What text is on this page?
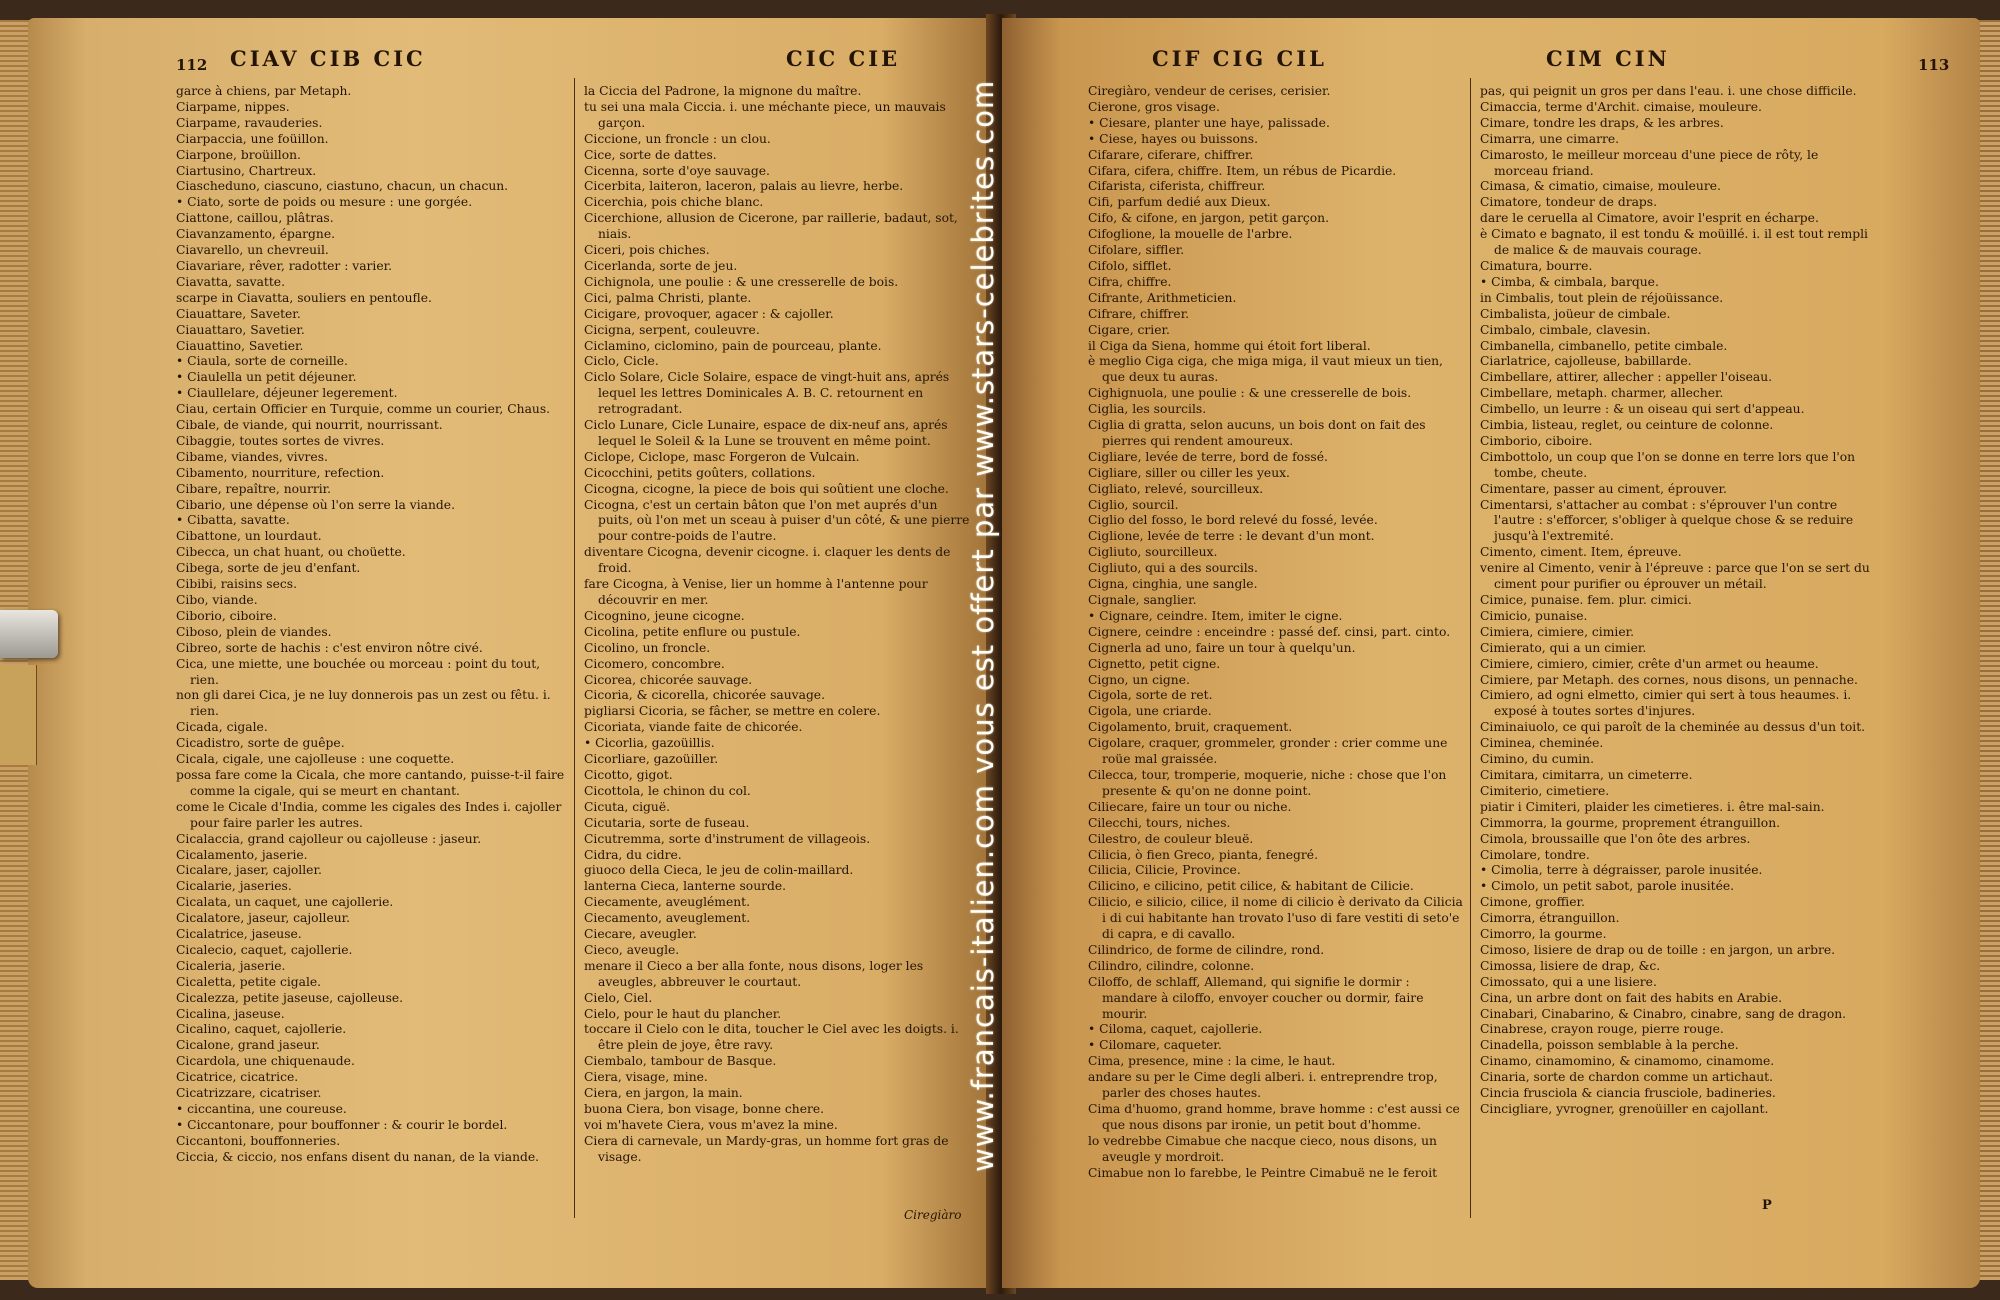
112 CIAV CIB CIC	CIC CIE

garce à chiens, par Metaph.

Ciarpame, nippes.

Ciarpame, ravauderies.

Ciarpaccia, une foüillon.

Ciarpone, broüillon.

Ciartusino, Chartreux.

Ciascheduno, ciascuno, ciastuno, chacun, un chacun.

• Ciato, sorte de poids ou mesure : une gorgée.

Ciattone, caillou, plâtras.

Ciavanzamento, épargne.

Ciavarello, un chevreuil.

Ciavariare, rêver, radotter : varier.

Ciavatta, savatte.

scarpe in Ciavatta, souliers en pentoufle.

Ciauattare, Saveter.

Ciauattaro, Savetier.

Ciauattino, Savetier.

• Ciaula, sorte de corneille.

• Ciaulella un petit déjeuner.

• Ciaullelare, déjeuner legerement.

Ciau, certain Officier en Turquie, comme un courier, Chaus.

Cibale, de viande, qui nourrit, nourrissant.

Cibaggie, toutes sortes de vivres.

Cibame, viandes, vivres.

Cibamento, nourriture, refection.

Cibare, repaître, nourrir.

Cibario, une dépense où l'on serre la viande.

• Cibatta, savatte.

Cibattone, un lourdaut.

Cibecca, un chat huant, ou choüette.

Cibega, sorte de jeu d'enfant.

Cibibi, raisins secs.

Cibo, viande.

Ciborio, ciboire.

Ciboso, plein de viandes.

Cibreo, sorte de hachis : c'est environ nôtre civé.

Cica, une miette, une bouchée ou morceau : point du tout, rien.

non gli darei Cica, je ne luy donnerois pas un zest ou fêtu. i. rien.

Cicada, cigale.

Cicadistro, sorte de guêpe.

Cicala, cigale, une cajolleuse : une coquette.

possa fare come la Cicala, che more cantando, puisse-t-il faire comme la cigale, qui se meurt en chantant.

come le Cicale d'India, comme les cigales des Indes i. cajoller pour faire parler les autres.

Cicalaccia, grand cajolleur ou cajolleuse : jaseur.

Cicalamento, jaserie.

Cicalare, jaser, cajoller.

Cicalarie, jaseries.

Cicalata, un caquet, une cajollerie.

Cicalatore, jaseur, cajolleur.

Cicalatrice, jaseuse.

Cicalecio, caquet, cajollerie.

Cicaleria, jaserie.

Cicaletta, petite cigale.

Cicalezza, petite jaseuse, cajolleuse.

Cicalina, jaseuse.

Cicalino, caquet, cajollerie.

Cicalone, grand jaseur.

Cicardola, une chiquenaude.

Cicatrice, cicatrice.

Cicatrizzare, cicatriser.

• ciccantina, une coureuse.

• Ciccantonare, pour bouffonner : & courir le bordel.

Ciccantoni, bouffonneries.

Ciccia, & ciccio, nos enfans disent du nanan, de la viande.

la Ciccia del Padrone, la mignone du maître.

tu sei una mala Ciccia. i. une méchante piece, un mauvais garçon.

Ciccione, un froncle : un clou.

Cice, sorte de dattes.

Cicenna, sorte d'oye sauvage.

Cicerbita, laiteron, laceron, palais au lievre, herbe.

Cicerchia, pois chiche blanc.

Cicerchione, allusion de Cicerone, par raillerie, badaut, sot, niais.

Ciceri, pois chiches.

Cicerlanda, sorte de jeu.

Cichignola, une poulie : & une cresserelle de bois.

Cici, palma Christi, plante.

Cicigare, provoquer, agacer : & cajoller.

Cicigna, serpent, couleuvre.

Ciclamino, ciclomino, pain de pourceau, plante.

Ciclo, Cicle.

Ciclo Solare, Cicle Solaire, espace de vingt-huit ans, aprés lequel les lettres Dominicales A. B. C. retournent en retrogradant.

Ciclo Lunare, Cicle Lunaire, espace de dix-neuf ans, aprés lequel le Soleil & la Lune se trouvent en même point.

Ciclope, Ciclope, masc Forgeron de Vulcain.

Cicocchini, petits goûters, collations.

Cicogna, cicogne, la piece de bois qui soûtient une cloche.

Cicogna, c'est un certain bâton que l'on met auprés d'un puits, où l'on met un sceau à puiser d'un côté, & une pierre pour contre-poids de l'autre.

diventare Cicogna, devenir cicogne. i. claquer les dents de froid.

fare Cicogna, à Venise, lier un homme à l'antenne pour découvrir en mer.

Cicognino, jeune cicogne.

Cicolina, petite enflure ou pustule.

Cicolino, un froncle.

Cicomero, concombre.

Cicorea, chicorée sauvage.

Cicoria, & cicorella, chicorée sauvage.

pigliarsi Cicoria, se fâcher, se mettre en colere.

Cicoriata, viande faite de chicorée.

• Cicorlia, gazoüillis.

Cicorliare, gazoüiller.

Cicotto, gigot.

Cicottola, le chinon du col.

Cicuta, ciguë.

Cicutaria, sorte de fuseau.

Cicutremma, sorte d'instrument de villageois.

Cidra, du cidre.

giuoco della Cieca, le jeu de colin-maillard.

lanterna Cieca, lanterne sourde.

Ciecamente, aveuglément.

Ciecamento, aveuglement.

Ciecare, aveugler.

Cieco, aveugle.

menare il Cieco a ber alla fonte, nous disons, loger les aveugles, abbreuver le courtaut.

Cielo, Ciel.

Cielo, pour le haut du plancher.

toccare il Cielo con le dita, toucher le Ciel avec les doigts. i. être plein de joye, être ravy.

Ciembalo, tambour de Basque.

Ciera, visage, mine.

Ciera, en jargon, la main.

buona Ciera, bon visage, bonne chere.

voi m'havete Ciera, vous m'avez la mine.

Ciera di carnevale, un Mardy-gras, un homme fort gras de visage.

Ciregiàro
CIF CIG CIL	CIM CIN	113

Ciregiàro, vendeur de cerises, cerisier.

Cierone, gros visage.

• Ciesare, planter une haye, palissade.

• Ciese, hayes ou buissons.

Cifarare, ciferare, chiffrer.

Cifara, cifera, chiffre. Item, un rébus de Picardie.

Cifarista, ciferista, chiffreur.

Cifi, parfum dedié aux Dieux.

Cifo, & cifone, en jargon, petit garçon.

Cifoglione, la mouelle de l'arbre.

Cifolare, siffler.

Cifolo, sifflet.

Cifra, chiffre.

Cifrante, Arithmeticien.

Cifrare, chiffrer.

Cigare, crier.

il Ciga da Siena, homme qui étoit fort liberal.

è meglio Ciga ciga, che miga miga, il vaut mieux un tien, que deux tu auras.

Cighignuola, une poulie : & une cresserelle de bois.

Ciglia, les sourcils.

Ciglia di gratta, selon aucuns, un bois dont on fait des pierres qui rendent amoureux.

Cigliare, levée de terre, bord de fossé.

Cigliare, siller ou ciller les yeux.

Cigliato, relevé, sourcilleux.

Ciglio, sourcil.

Ciglio del fosso, le bord relevé du fossé, levée.

Ciglione, levée de terre : le devant d'un mont.

Cigliuto, sourcilleux.

Cigliuto, qui a des sourcils.

Cigna, cinghia, une sangle.

Cignale, sanglier.

• Cignare, ceindre. Item, imiter le cigne.

Cignere, ceindre : enceindre : passé def. cinsi, part. cinto.

Cignerla ad uno, faire un tour à quelqu'un.

Cignetto, petit cigne.

Cigno, un cigne.

Cigola, sorte de ret.

Cigola, une criarde.

Cigolamento, bruit, craquement.

Cigolare, craquer, grommeler, gronder : crier comme une roüe mal graissée.

Cilecca, tour, tromperie, moquerie, niche : chose que l'on presente & qu'on ne donne point.

Ciliecare, faire un tour ou niche.

Cilecchi, tours, niches.

Cilestro, de couleur bleuë.

Cilicia, ò fien Greco, pianta, fenegré.

Cilicia, Cilicie, Province.

Cilicino, e cilicino, petit cilice, & habitant de Cilicie.

Cilicio, e silicio, cilice, il nome di cilicio è derivato da Cilicia i di cui habitante han trovato l'uso di fare vestiti di seto'e di capra, e di cavallo.

Cilindrico, de forme de cilindre, rond.

Cilindro, cilindre, colonne.

Ciloffo, de schlaff, Allemand, qui signifie le dormir : mandare à ciloffo, envoyer coucher ou dormir, faire mourir.

• Ciloma, caquet, cajollerie.

• Cilomare, caqueter.

Cima, presence, mine : la cime, le haut.

andare su per le Cime degli alberi. i. entreprendre trop, parler des choses hautes.

Cima d'huomo, grand homme, brave homme : c'est aussi ce que nous disons par ironie, un petit bout d'homme.

lo vedrebbe Cimabue che nacque cieco, nous disons, un aveugle y mordroit.

Cimabue non lo farebbe, le Peintre Cimabuë ne le feroit

pas, qui peignit un gros per dans l'eau. i. une chose difficile.

Cimaccia, terme d'Archit. cimaise, mouleure.

Cimare, tondre les draps, & les arbres.

Cimarra, une cimarre.

Cimarosto, le meilleur morceau d'une piece de rôty, le morceau friand.

Cimasa, & cimatio, cimaise, mouleure.

Cimatore, tondeur de draps.

dare le ceruella al Cimatore, avoir l'esprit en écharpe.

è Cimato e bagnato, il est tondu & moüillé. i. il est tout rempli de malice & de mauvais courage.

Cimatura, bourre.

• Cimba, & cimbala, barque.

in Cimbalis, tout plein de réjoüissance.

Cimbalista, joüeur de cimbale.

Cimbalo, cimbale, clavesin.

Cimbanella, cimbanello, petite cimbale.

Ciarlatrice, cajolleuse, babillarde.

Cimbellare, attirer, allecher : appeller l'oiseau.

Cimbellare, metaph. charmer, allecher.

Cimbello, un leurre : & un oiseau qui sert d'appeau.

Cimbia, listeau, reglet, ou ceinture de colonne.

Cimborio, ciboire.

Cimbottolo, un coup que l'on se donne en terre lors que l'on tombe, cheute.

Cimentare, passer au ciment, éprouver.

Cimentarsi, s'attacher au combat : s'éprouver l'un contre l'autre : s'efforcer, s'obliger à quelque chose & se reduire jusqu'à l'extremité.

Cimento, ciment. Item, épreuve.

venire al Cimento, venir à l'épreuve : parce que l'on se sert du ciment pour purifier ou éprouver un métail.

Cimice, punaise. fem. plur. cimici.

Cimicio, punaise.

Cimiera, cimiere, cimier.

Cimierato, qui a un cimier.

Cimiere, cimiero, cimier, crête d'un armet ou heaume.

Cimiere, par Metaph. des cornes, nous disons, un pennache.

Cimiero, ad ogni elmetto, cimier qui sert à tous heaumes. i. exposé à toutes sortes d'injures.

Ciminaiuolo, ce qui paroît de la cheminée au dessus d'un toit.

Ciminea, cheminée.

Cimino, du cumin.

Cimitara, cimitarra, un cimeterre.

Cimiterio, cimetiere.

piatir i Cimiteri, plaider les cimetieres. i. être mal-sain.

Cimmorra, la gourme, proprement étranguillon.

Cimola, broussaille que l'on ôte des arbres.

Cimolare, tondre.

• Cimolia, terre à dégraisser, parole inusitée.

• Cimolo, un petit sabot, parole inusitée.

Cimone, groffier.

Cimorra, étranguillon.

Cimorro, la gourme.

Cimoso, lisiere de drap ou de toille : en jargon, un arbre.

Cimossa, lisiere de drap, &c.

Cimossato, qui a une lisiere.

Cina, un arbre dont on fait des habits en Arabie.

Cinabari, Cinabarino, & Cinabro, cinabre, sang de dragon.

Cinabrese, crayon rouge, pierre rouge.

Cinadella, poisson semblable à la perche.

Cinamo, cinamomino, & cinamomo, cinamome.

Cinaria, sorte de chardon comme un artichaut.

Cincia frusciola & ciancia frusciole, badineries.

Cincigliare, yvrogner, grenoüiller en cajollant.

P
www.francais-italien.com vous est offert par www.stars-celebrites.com
